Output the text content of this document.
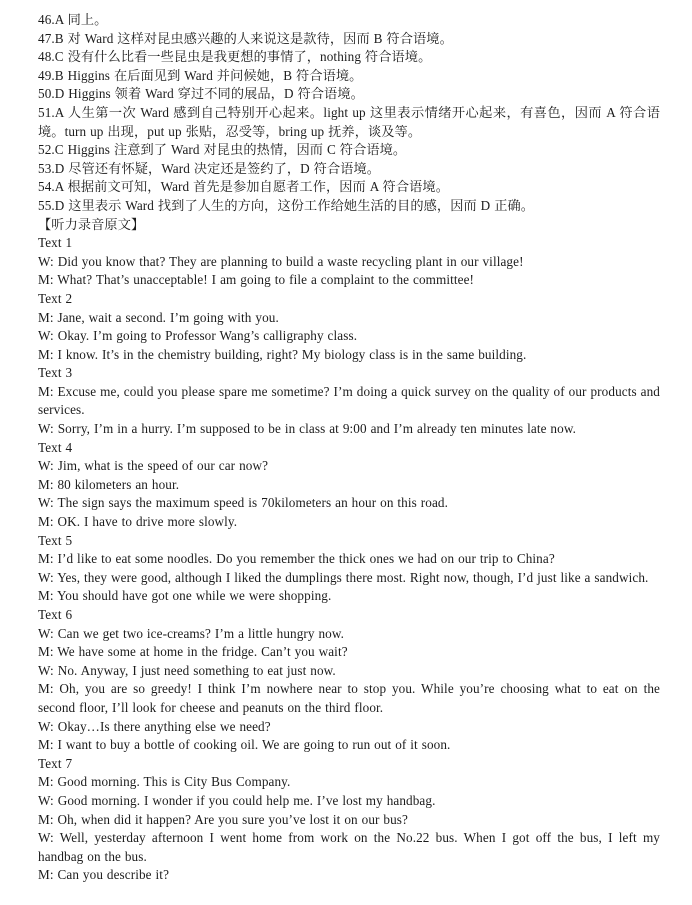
46.A 同上。

47.B 对 Ward 这样对昆虫感兴趣的人来说这是款待，因而 B 符合语境。

48.C 没有什么比看一些昆虫是我更想的事情了，nothing 符合语境。

49.B Higgins 在后面见到 Ward 并问候她，B 符合语境。

50.D Higgins 领着 Ward 穿过不同的展品，D 符合语境。

51.A 人生第一次 Ward 感到自己特别开心起来。light up 这里表示情绪开心起来，有喜色，因而 A 符合语境。turn up 出现，put up 张贴，忍受等，bring up 抚养，谈及等。

52.C Higgins 注意到了 Ward 对昆虫的热情，因而 C 符合语境。

53.D 尽管还有怀疑，Ward 决定还是签约了，D 符合语境。

54.A 根据前文可知，Ward 首先是参加自愿者工作，因而 A 符合语境。

55.D 这里表示 Ward 找到了人生的方向，这份工作给她生活的目的感，因而 D 正确。

【听力录音原文】

Text 1

W: Did you know that? They are planning to build a waste recycling plant in our village!

M: What? That’s unacceptable! I am going to file a complaint to the committee!

Text 2

M: Jane, wait a second. I’m going with you.

W: Okay. I’m going to Professor Wang’s calligraphy class.

M: I know. It’s in the chemistry building, right? My biology class is in the same building.

Text 3

M: Excuse me, could you please spare me sometime? I’m doing a quick survey on the quality of our products and services.

W: Sorry, I’m in a hurry. I’m supposed to be in class at 9:00 and I’m already ten minutes late now.

Text 4

W: Jim, what is the speed of our car now?

M: 80 kilometers an hour.

W: The sign says the maximum speed is 70kilometers an hour on this road.

M: OK. I have to drive more slowly.

Text 5

M: I’d like to eat some noodles. Do you remember the thick ones we had on our trip to China?

W: Yes, they were good, although I liked the dumplings there most. Right now, though, I’d just like a sandwich.

M: You should have got one while we were shopping.

Text 6

W: Can we get two ice-creams? I’m a little hungry now.

M: We have some at home in the fridge. Can’t you wait?

W: No. Anyway, I just need something to eat just now.

M: Oh, you are so greedy! I think I’m nowhere near to stop you. While you’re choosing what to eat on the second floor, I’ll look for cheese and peanuts on the third floor.

W: Okay…Is there anything else we need?

M: I want to buy a bottle of cooking oil. We are going to run out of it soon.

Text 7

M: Good morning. This is City Bus Company.

W: Good morning. I wonder if you could help me. I’ve lost my handbag.

M: Oh, when did it happen? Are you sure you’ve lost it on our bus?

W: Well, yesterday afternoon I went home from work on the No.22 bus. When I got off the bus, I left my handbag on the bus.

M: Can you describe it?
